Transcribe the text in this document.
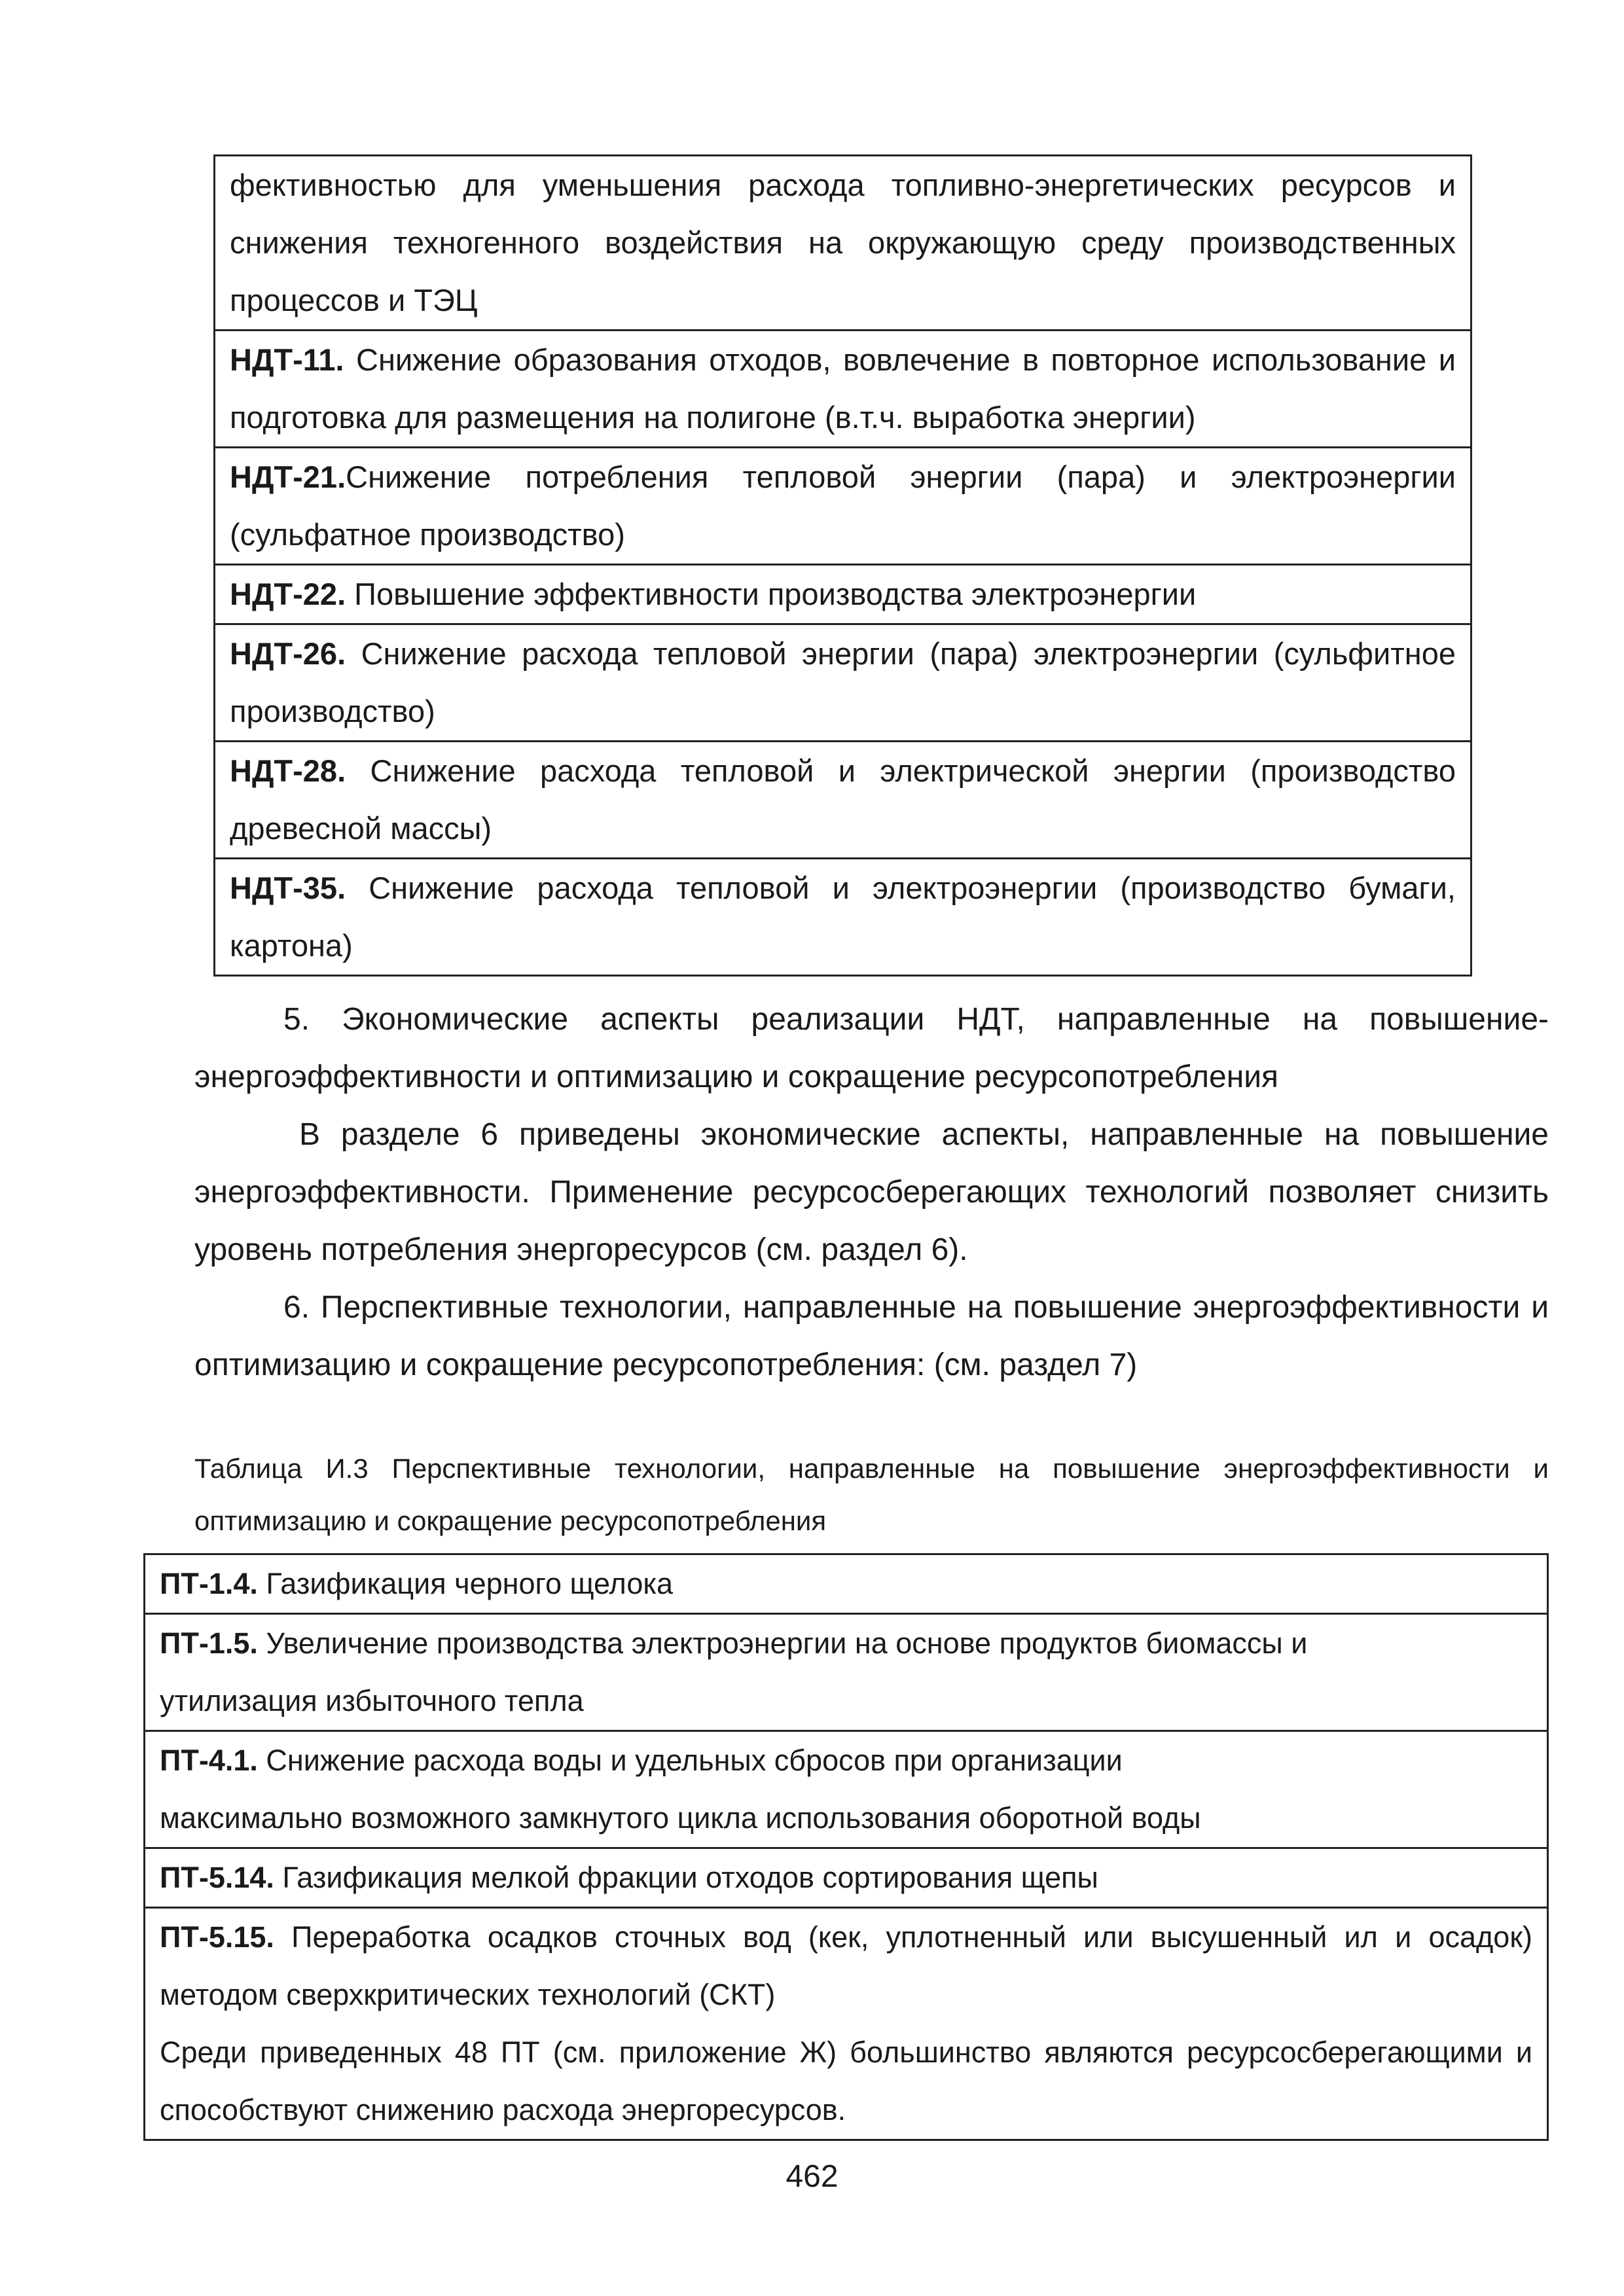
фективностью для уменьшения расхода топливно-энергетических ресурсов и снижения техногенного воздействия на окружающую среду производственных процессов и ТЭЦ
НДТ-11. Снижение образования отходов, вовлечение в повторное использование и подготовка для размещения на полигоне (в.т.ч. выработка энергии)
НДТ-21.Снижение потребления тепловой энергии (пара) и электроэнергии (сульфатное производство)
НДТ-22. Повышение эффективности производства электроэнергии
НДТ-26. Снижение расхода тепловой энергии (пара) электроэнергии (сульфитное производство)
НДТ-28. Снижение расхода тепловой и электрической энергии (производство древесной массы)
НДТ-35. Снижение расхода тепловой и электроэнергии (производство бумаги, картона)

5. Экономические аспекты реализации НДТ, направленные на повышение-энергоэффективности и оптимизацию и сокращение ресурсопотребления

В разделе 6 приведены экономические аспекты, направленные на повышение энергоэффективности. Применение ресурсосберегающих технологий позволяет снизить уровень потребления энергоресурсов (см. раздел 6).

6. Перспективные технологии, направленные на повышение энергоэффективности и оптимизацию и сокращение ресурсопотребления: (см. раздел 7)

Таблица И.3 Перспективные технологии, направленные на повышение энергоэффективности и оптимизацию и сокращение ресурсопотребления

ПТ-1.4. Газификация черного щелока
ПТ-1.5. Увеличение производства электроэнергии на основе продуктов биомассы и
утилизация избыточного тепла
ПТ-4.1. Снижение расхода воды и удельных сбросов при организации
максимально возможного замкнутого цикла использования оборотной воды
ПТ-5.14. Газификация мелкой фракции отходов сортирования щепы

ПТ-5.15. Переработка осадков сточных вод (кек, уплотненный или высушенный ил и осадок) методом сверхкритических технологий (СКТ)
Среди приведенных 48 ПТ (см. приложение Ж) большинство являются ресурсосберегающими и способствуют снижению расхода энергоресурсов.
462
